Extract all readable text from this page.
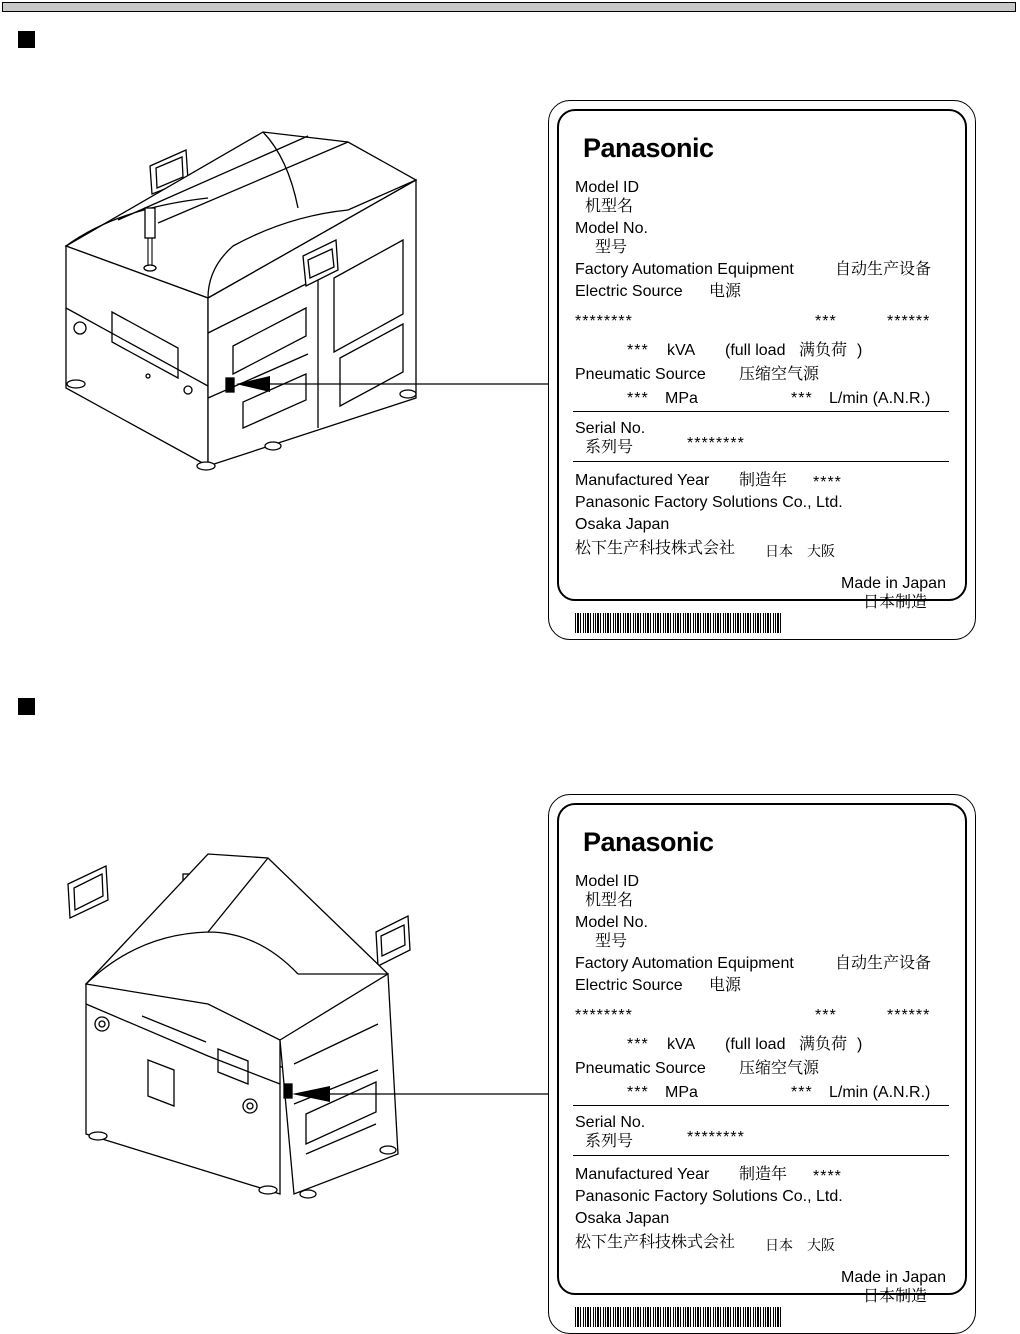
Panasonic
Model ID
机型名
Model No.
型号
Factory Automation Equipment	自动生产设备
Electric Source 电源
********	***	******
*** kVA (full load 满负荷 )
Pneumatic Source 压缩空气源
*** MPa	*** L/min (A.N.R.)
Serial No.
系列号	********
Manufactured Year 制造年 ****
Panasonic Factory Solutions Co., Ltd.
Osaka Japan
松下生产科技株式会社 日本　大阪
Made in Japan
日本制造
Panasonic
Model ID
机型名
Model No.
型号
Factory Automation Equipment	自动生产设备
Electric Source 电源
********	***	******
*** kVA (full load 满负荷 )
Pneumatic Source 压缩空气源
*** MPa	*** L/min (A.N.R.)
Serial No.
系列号	********
Manufactured Year 制造年 ****
Panasonic Factory Solutions Co., Ltd.
Osaka Japan
松下生产科技株式会社 日本　大阪
Made in Japan
日本制造
